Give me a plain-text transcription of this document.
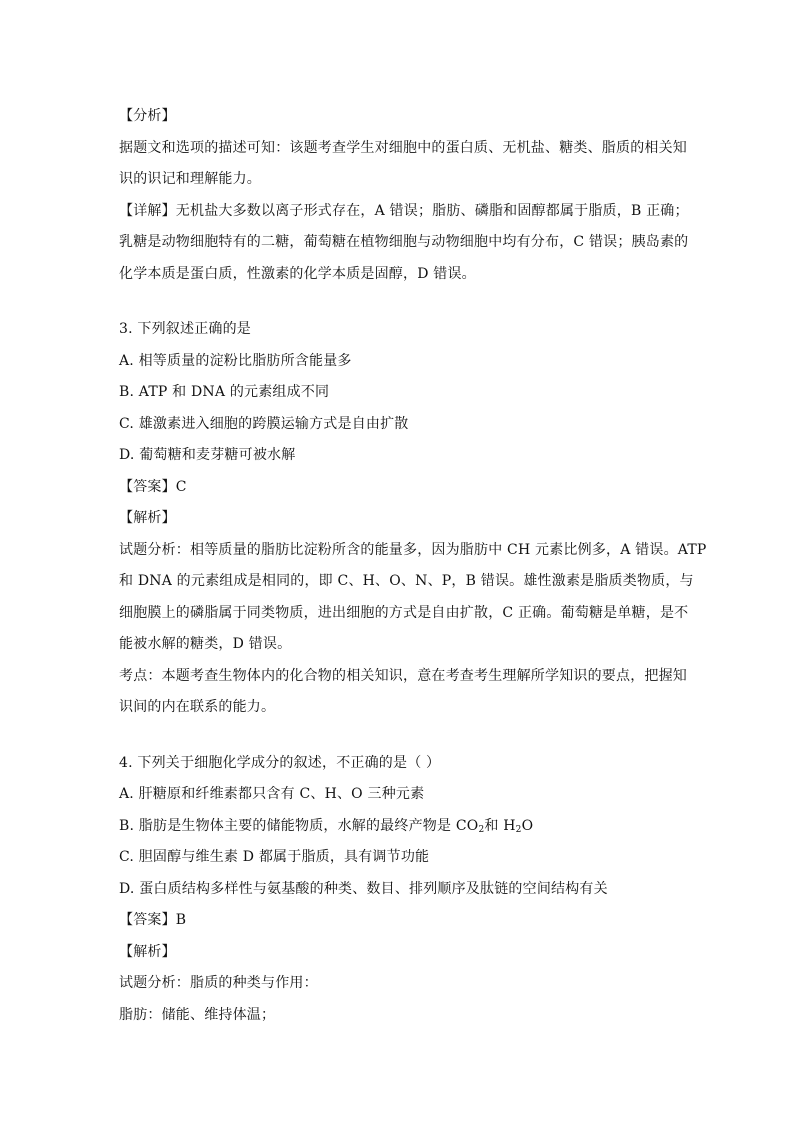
【分析】
据题文和选项的描述可知：该题考查学生对细胞中的蛋白质、无机盐、糖类、脂质的相关知
识的识记和理解能力。
【详解】无机盐大多数以离子形式存在，A 错误；脂肪、磷脂和固醇都属于脂质，B 正确；
乳糖是动物细胞特有的二糖，葡萄糖在植物细胞与动物细胞中均有分布，C 错误；胰岛素的
化学本质是蛋白质，性激素的化学本质是固醇，D 错误。
3. 下列叙述正确的是
A. 相等质量的淀粉比脂肪所含能量多
B. ATP 和 DNA 的元素组成不同
C. 雄激素进入细胞的跨膜运输方式是自由扩散
D. 葡萄糖和麦芽糖可被水解
【答案】C
【解析】
试题分析：相等质量的脂肪比淀粉所含的能量多，因为脂肪中 CH 元素比例多，A 错误。ATP
和 DNA 的元素组成是相同的，即 C、H、O、N、P，B 错误。雄性激素是脂质类物质，与
细胞膜上的磷脂属于同类物质，进出细胞的方式是自由扩散，C 正确。葡萄糖是单糖，是不
能被水解的糖类，D 错误。
考点：本题考查生物体内的化合物的相关知识，意在考查考生理解所学知识的要点，把握知
识间的内在联系的能力。
4. 下列关于细胞化学成分的叙述，不正确的是（ ）
A. 肝糖原和纤维素都只含有 C、H、O 三种元素
B. 脂肪是生物体主要的储能物质，水解的最终产物是 $CO_2$和 $H_2O$
C. 胆固醇与维生素 D 都属于脂质，具有调节功能
D. 蛋白质结构多样性与氨基酸的种类、数目、排列顺序及肽链的空间结构有关
【答案】B
【解析】
试题分析：脂质的种类与作用：
脂肪：储能、维持体温；
